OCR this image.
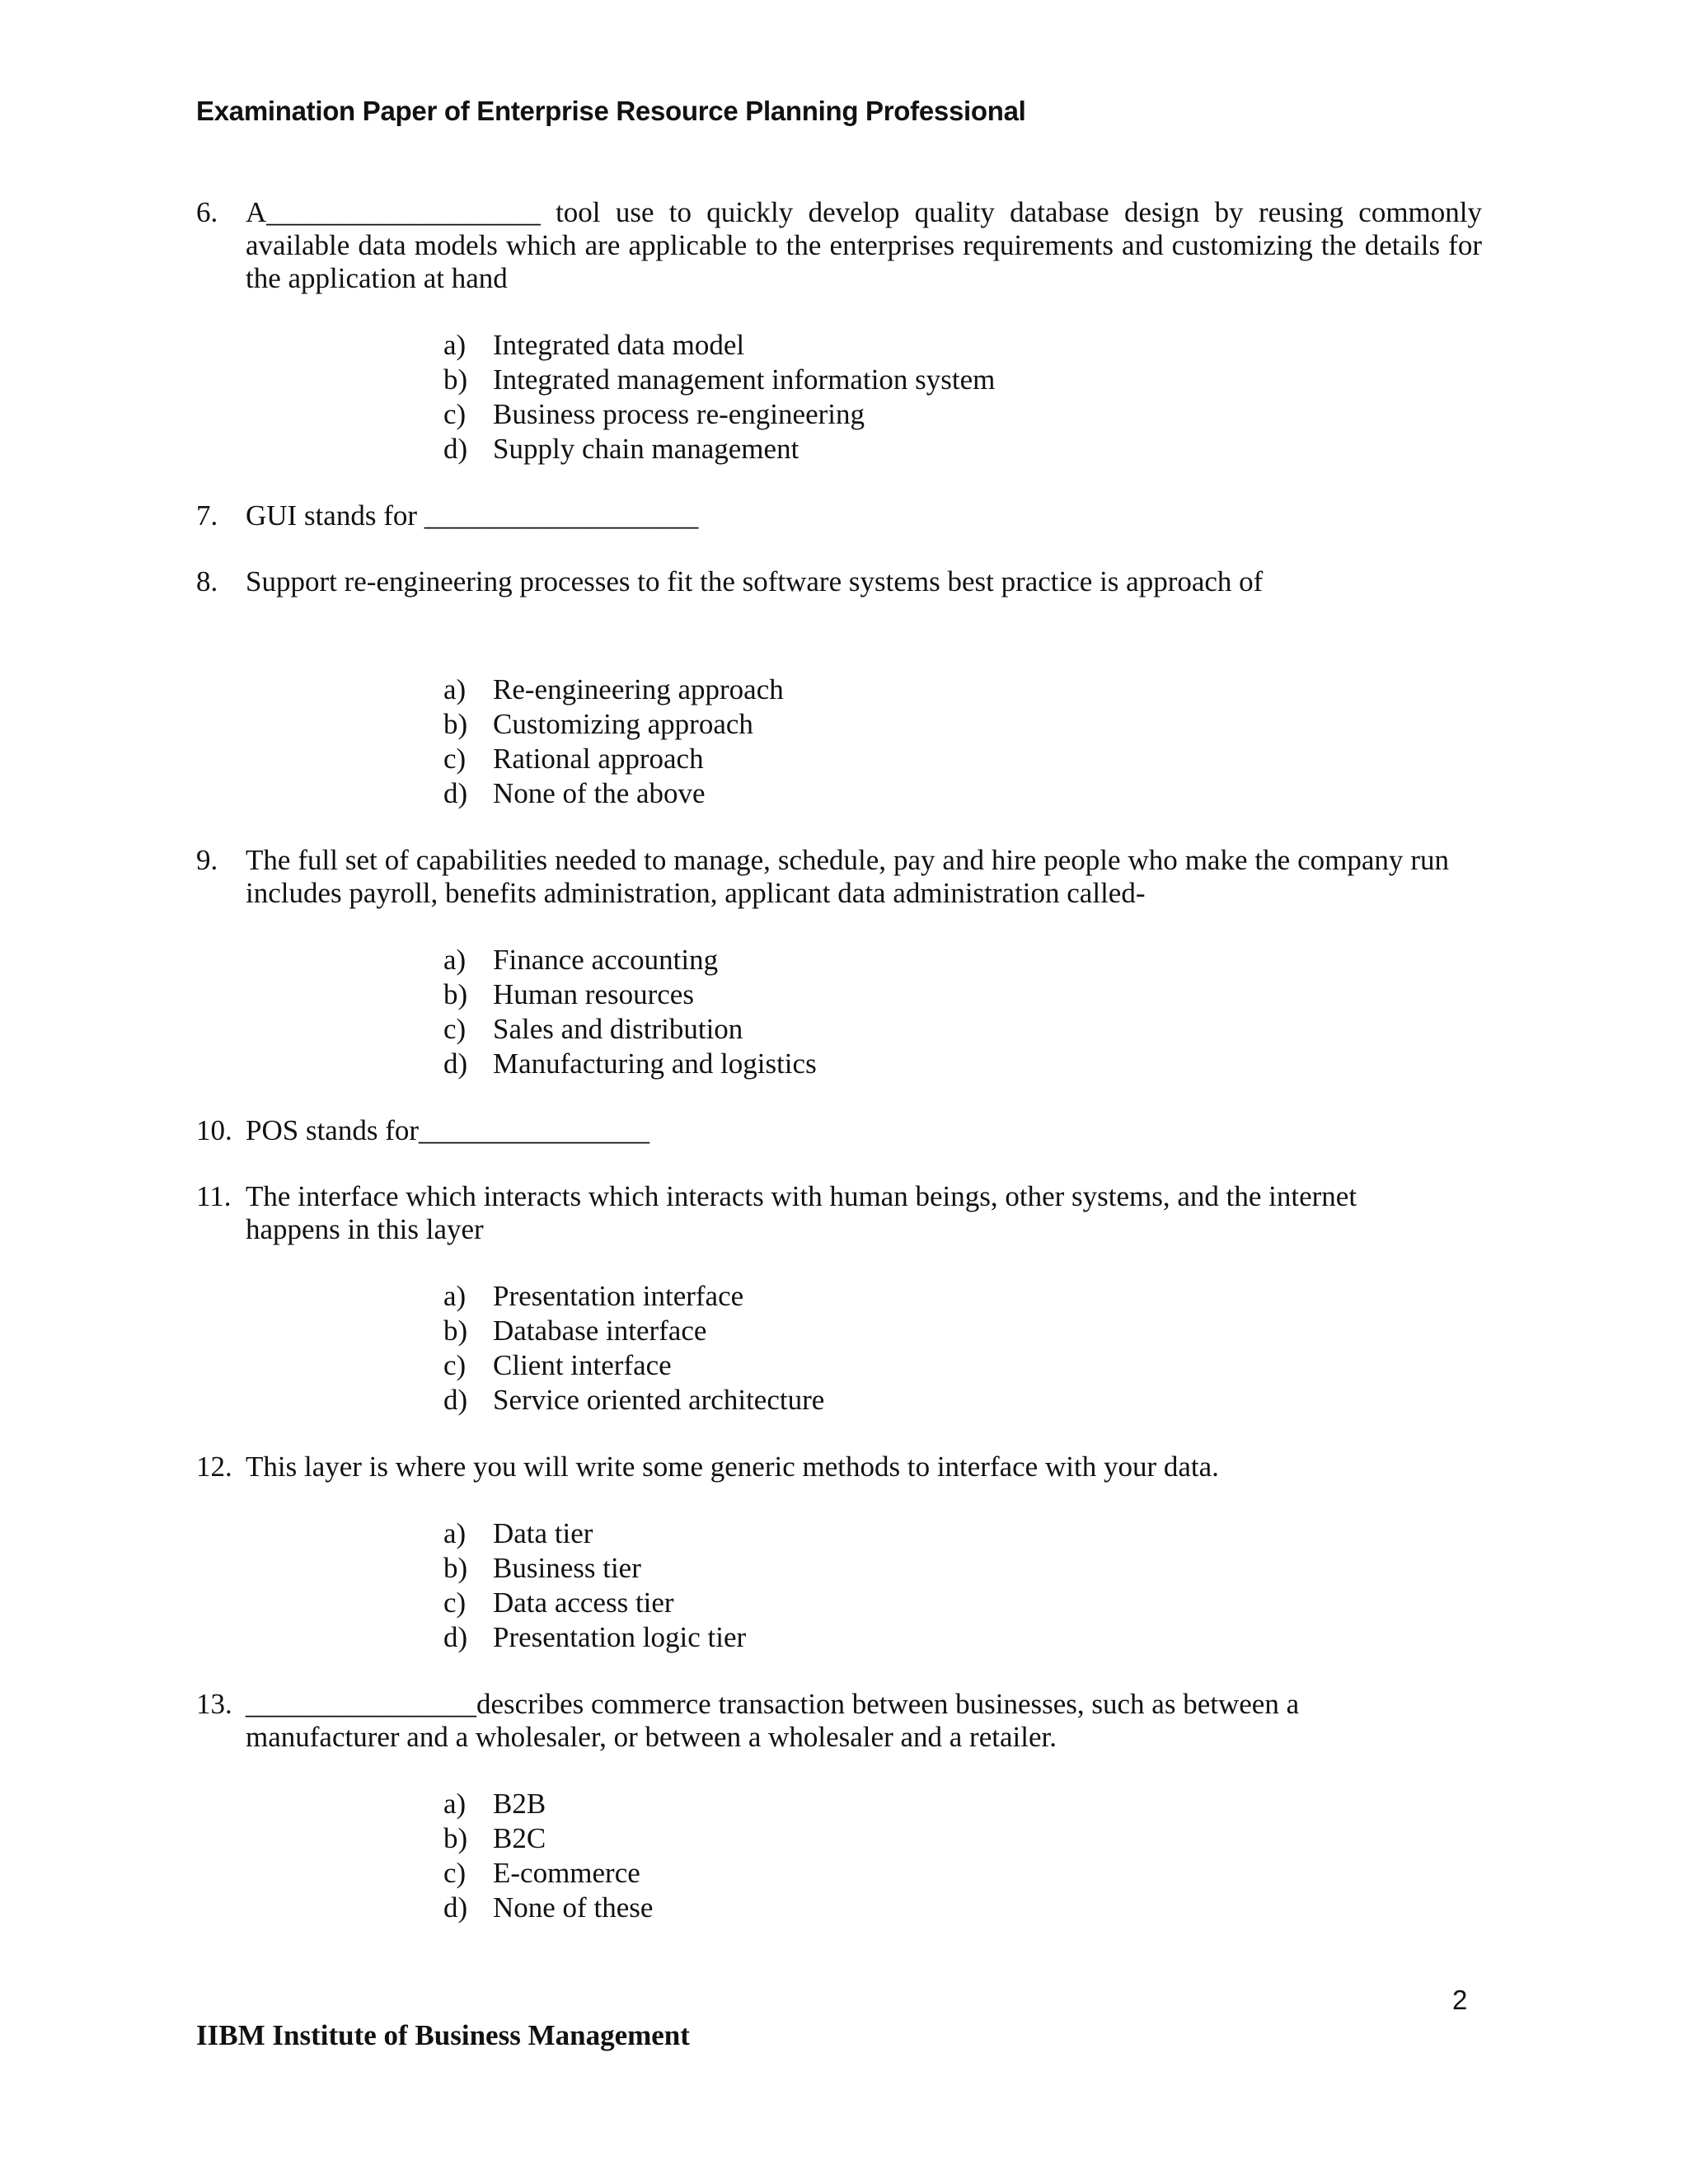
Examination Paper of Enterprise Resource Planning Professional
6. A___________________ tool use to quickly develop quality database design by reusing commonly available data models which are applicable to the enterprises requirements and customizing the details for the application at hand
a) Integrated data model
b) Integrated management information system
c) Business process re-engineering
d) Supply chain management
7. GUI stands for ___________________
8. Support re-engineering processes to fit the software systems best practice is approach of
a) Re-engineering approach
b) Customizing approach
c) Rational approach
d) None of the above
9. The full set of capabilities needed to manage, schedule, pay and hire people who make the company run includes payroll, benefits administration, applicant data administration called-
a) Finance accounting
b) Human resources
c) Sales and distribution
d) Manufacturing and logistics
10. POS stands for________________
11. The interface which interacts which interacts with human beings, other systems, and the internet happens in this layer
a) Presentation interface
b) Database interface
c) Client interface
d) Service oriented architecture
12. This layer is where you will write some generic methods to interface with your data.
a) Data tier
b) Business tier
c) Data access tier
d) Presentation logic tier
13. ________________describes commerce transaction between businesses, such as between a manufacturer and a wholesaler, or between a wholesaler and a retailer.
a) B2B
b) B2C
c) E-commerce
d) None of these
2
IIBM Institute of Business Management
